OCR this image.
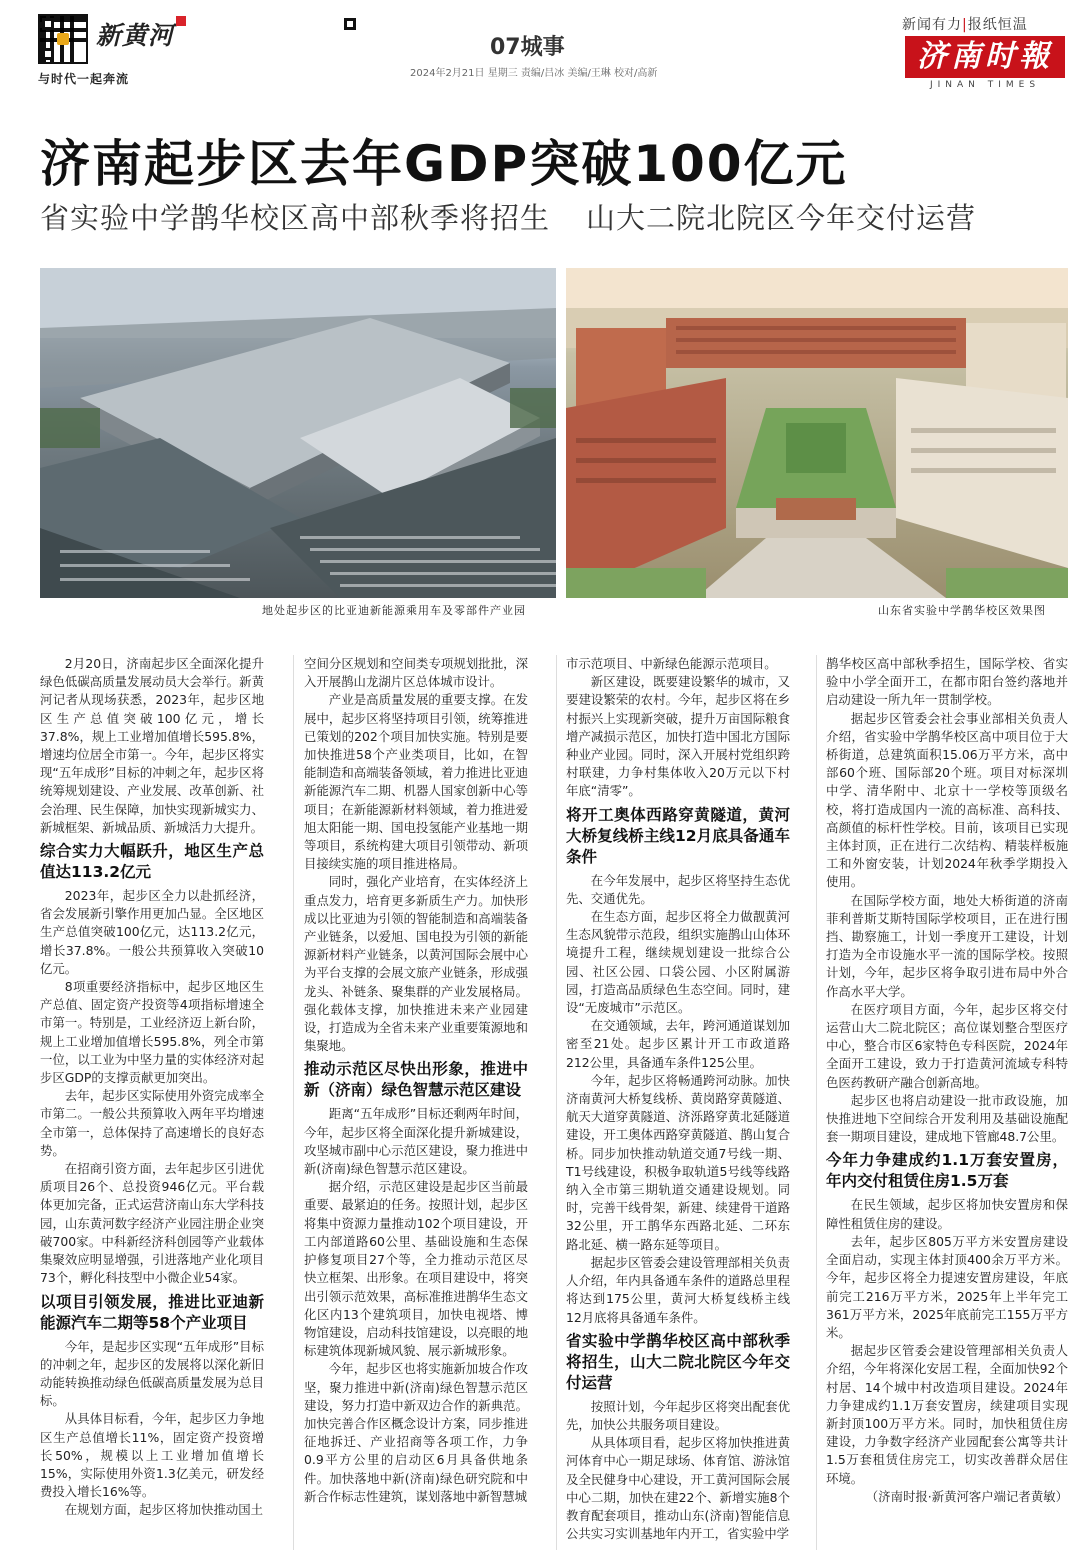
新黄河
与时代一起奔流
07城事
2024年2月21日 星期三 责编/吕冰 美编/王琳 校对/高新
新闻有力|报纸恒温
济南时報
JINAN TIMES
济南起步区去年GDP突破100亿元
省实验中学鹊华校区高中部秋季将招生 山大二院北院区今年交付运营
地处起步区的比亚迪新能源乘用车及零部件产业园	山东省实验中学鹊华校区效果图

2月20日，济南起步区全面深化提升绿色低碳高质量发展动员大会举行。新黄河记者从现场获悉，2023年，起步区地区生产总值突破100亿元，增长37.8%，规上工业增加值增长595.8%，增速均位居全市第一。今年，起步区将实现“五年成形”目标的冲刺之年，起步区将统筹规划建设、产业发展、改革创新、社会治理、民生保障，加快实现新城实力、新城框架、新城品质、新城活力大提升。

综合实力大幅跃升，地区生产总值达113.2亿元

2023年，起步区全力以赴抓经济，省会发展新引擎作用更加凸显。全区地区生产总值突破100亿元，达113.2亿元，增长37.8%。一般公共预算收入突破10亿元。

8项重要经济指标中，起步区地区生产总值、固定资产投资等4项指标增速全市第一。特别是，工业经济迈上新台阶，规上工业增加值增长595.8%，列全市第一位，以工业为中坚力量的实体经济对起步区GDP的支撑贡献更加突出。

去年，起步区实际使用外资完成率全市第二。一般公共预算收入两年平均增速全市第一，总体保持了高速增长的良好态势。

在招商引资方面，去年起步区引进优质项目26个、总投资946亿元。平台载体更加完备，正式运营济南山东大学科技园，山东黄河数字经济产业园注册企业突破700家。中科新经济科创园等产业载体集聚效应明显增强，引进落地产业化项目73个，孵化科技型中小微企业54家。

以项目引领发展，推进比亚迪新能源汽车二期等58个产业项目

今年，是起步区实现“五年成形”目标的冲刺之年，起步区的发展将以深化新旧动能转换推动绿色低碳高质量发展为总目标。

从具体目标看，今年，起步区力争地区生产总值增长11%，固定资产投资增长50%，规模以上工业增加值增长15%，实际使用外资1.3亿美元，研发经费投入增长16%等。

在规划方面，起步区将加快推动国土

空间分区规划和空间类专项规划批批，深入开展鹊山龙湖片区总体城市设计。

产业是高质量发展的重要支撑。在发展中，起步区将坚持项目引领，统筹推进已策划的202个项目加快实施。特别是要加快推进58个产业类项目，比如，在智能制造和高端装备领域，着力推进比亚迪新能源汽车二期、机器人国家创新中心等项目；在新能源新材料领域，着力推进爱旭太阳能一期、国电投氢能产业基地一期等项目，系统构建大项目引领带动、新项目接续实施的项目推进格局。

同时，强化产业培育，在实体经济上重点发力，培育更多新质生产力。加快形成以比亚迪为引领的智能制造和高端装备产业链条，以爱旭、国电投为引领的新能源新材料产业链条，以黄河国际会展中心为平台支撑的会展文旅产业链条，形成强龙头、补链条、聚集群的产业发展格局。强化载体支撑，加快推进未来产业园建设，打造成为全省未来产业重要策源地和集聚地。

推动示范区尽快出形象，推进中新（济南）绿色智慧示范区建设

距离“五年成形”目标还剩两年时间，今年，起步区将全面深化提升新城建设，攻坚城市副中心示范区建设，聚力推进中新(济南)绿色智慧示范区建设。

据介绍，示范区建设是起步区当前最重要、最紧迫的任务。按照计划，起步区将集中资源力量推动102个项目建设，开工内部道路60公里、基础设施和生态保护修复项目27个等，全力推动示范区尽快立框架、出形象。在项目建设中，将突出引领示范效果，高标准推进鹊华生态文化区内13个建筑项目，加快电视塔、博物馆建设，启动科技馆建设，以亮眼的地标建筑体现新城风貌、展示新城形象。

今年，起步区也将实施新加坡合作攻坚，聚力推进中新(济南)绿色智慧示范区建设，努力打造中新双边合作的新典范。加快完善合作区概念设计方案，同步推进征地拆迁、产业招商等各项工作，力争0.9平方公里的启动区6月具备供地条件。加快落地中新(济南)绿色研究院和中新合作标志性建筑，谋划落地中新智慧城

市示范项目、中新绿色能源示范项目。

新区建设，既要建设繁华的城市，又要建设繁荣的农村。今年，起步区将在乡村振兴上实现新突破，提升万亩国际粮食增产减损示范区，加快打造中国北方国际种业产业园。同时，深入开展村党组织跨村联建，力争村集体收入20万元以下村年底“清零”。

将开工奥体西路穿黄隧道，黄河大桥复线桥主线12月底具备通车条件

在今年发展中，起步区将坚持生态优先、交通优先。

在生态方面，起步区将全力做靓黄河生态风貌带示范段，组织实施鹊山山体环境提升工程，继续规划建设一批综合公园、社区公园、口袋公园、小区附属游园，打造高品质绿色生态空间。同时，建设“无废城市”示范区。

在交通领域，去年，跨河通道谋划加密至21处。起步区累计开工市政道路212公里，具备通车条件125公里。

今年，起步区将畅通跨河动脉。加快济南黄河大桥复线桥、黄岗路穿黄隧道、航天大道穿黄隧道、济泺路穿黄北延隧道建设，开工奥体西路穿黄隧道、鹊山复合桥。同步加快推动轨道交通7号线一期、T1号线建设，积极争取轨道5号线等线路纳入全市第三期轨道交通建设规划。同时，完善干线骨架，新建、续建骨干道路32公里，开工鹊华东西路北延、二环东路北延、横一路东延等项目。

据起步区管委会建设管理部相关负责人介绍，年内具备通车条件的道路总里程将达到175公里，黄河大桥复线桥主线12月底将具备通车条件。

省实验中学鹊华校区高中部秋季将招生，山大二院北院区今年交付运营

按照计划，今年起步区将突出配套优先，加快公共服务项目建设。

从具体项目看，起步区将加快推进黄河体育中心一期足球场、体育馆、游泳馆及全民健身中心建设，开工黄河国际会展中心二期，加快在建22个、新增实施8个教育配套项目，推动山东(济南)智能信息公共实习实训基地年内开工，省实验中学

鹊华校区高中部秋季招生，国际学校、省实验中小学全面开工，在都市阳台签约落地并启动建设一所九年一贯制学校。

据起步区管委会社会事业部相关负责人介绍，省实验中学鹊华校区高中项目位于大桥街道，总建筑面积15.06万平方米，高中部60个班、国际部20个班。项目对标深圳中学、清华附中、北京十一学校等顶级名校，将打造成国内一流的高标准、高科技、高颜值的标杆性学校。目前，该项目已实现主体封顶，正在进行二次结构、精装样板施工和外窗安装，计划2024年秋季学期投入使用。

在国际学校方面，地处大桥街道的济南菲利普斯艾斯特国际学校项目，正在进行围挡、勘察施工，计划一季度开工建设，计划打造为全市设施水平一流的国际学校。按照计划，今年，起步区将争取引进布局中外合作高水平大学。

在医疗项目方面，今年，起步区将交付运营山大二院北院区；高位谋划整合型医疗中心，整合市区6家特色专科医院，2024年全面开工建设，致力于打造黄河流域专科特色医药教研产融合创新高地。

起步区也将启动建设一批市政设施，加快推进地下空间综合开发利用及基础设施配套一期项目建设，建成地下管廊48.7公里。

今年力争建成约1.1万套安置房，年内交付租赁住房1.5万套

在民生领域，起步区将加快安置房和保障性租赁住房的建设。

去年，起步区805万平方米安置房建设全面启动，实现主体封顶400余万平方米。今年，起步区将全力提速安置房建设，年底前完工216万平方米，2025年上半年完工361万平方米，2025年底前完工155万平方米。

据起步区管委会建设管理部相关负责人介绍，今年将深化安居工程，全面加快92个村居、14个城中村改造项目建设。2024年力争建成约1.1万套安置房，续建项目实现新封顶100万平方米。同时，加快租赁住房建设，力争数字经济产业园配套公寓等共计1.5万套租赁住房完工，切实改善群众居住环境。

（济南时报·新黄河客户端记者黄敏）
